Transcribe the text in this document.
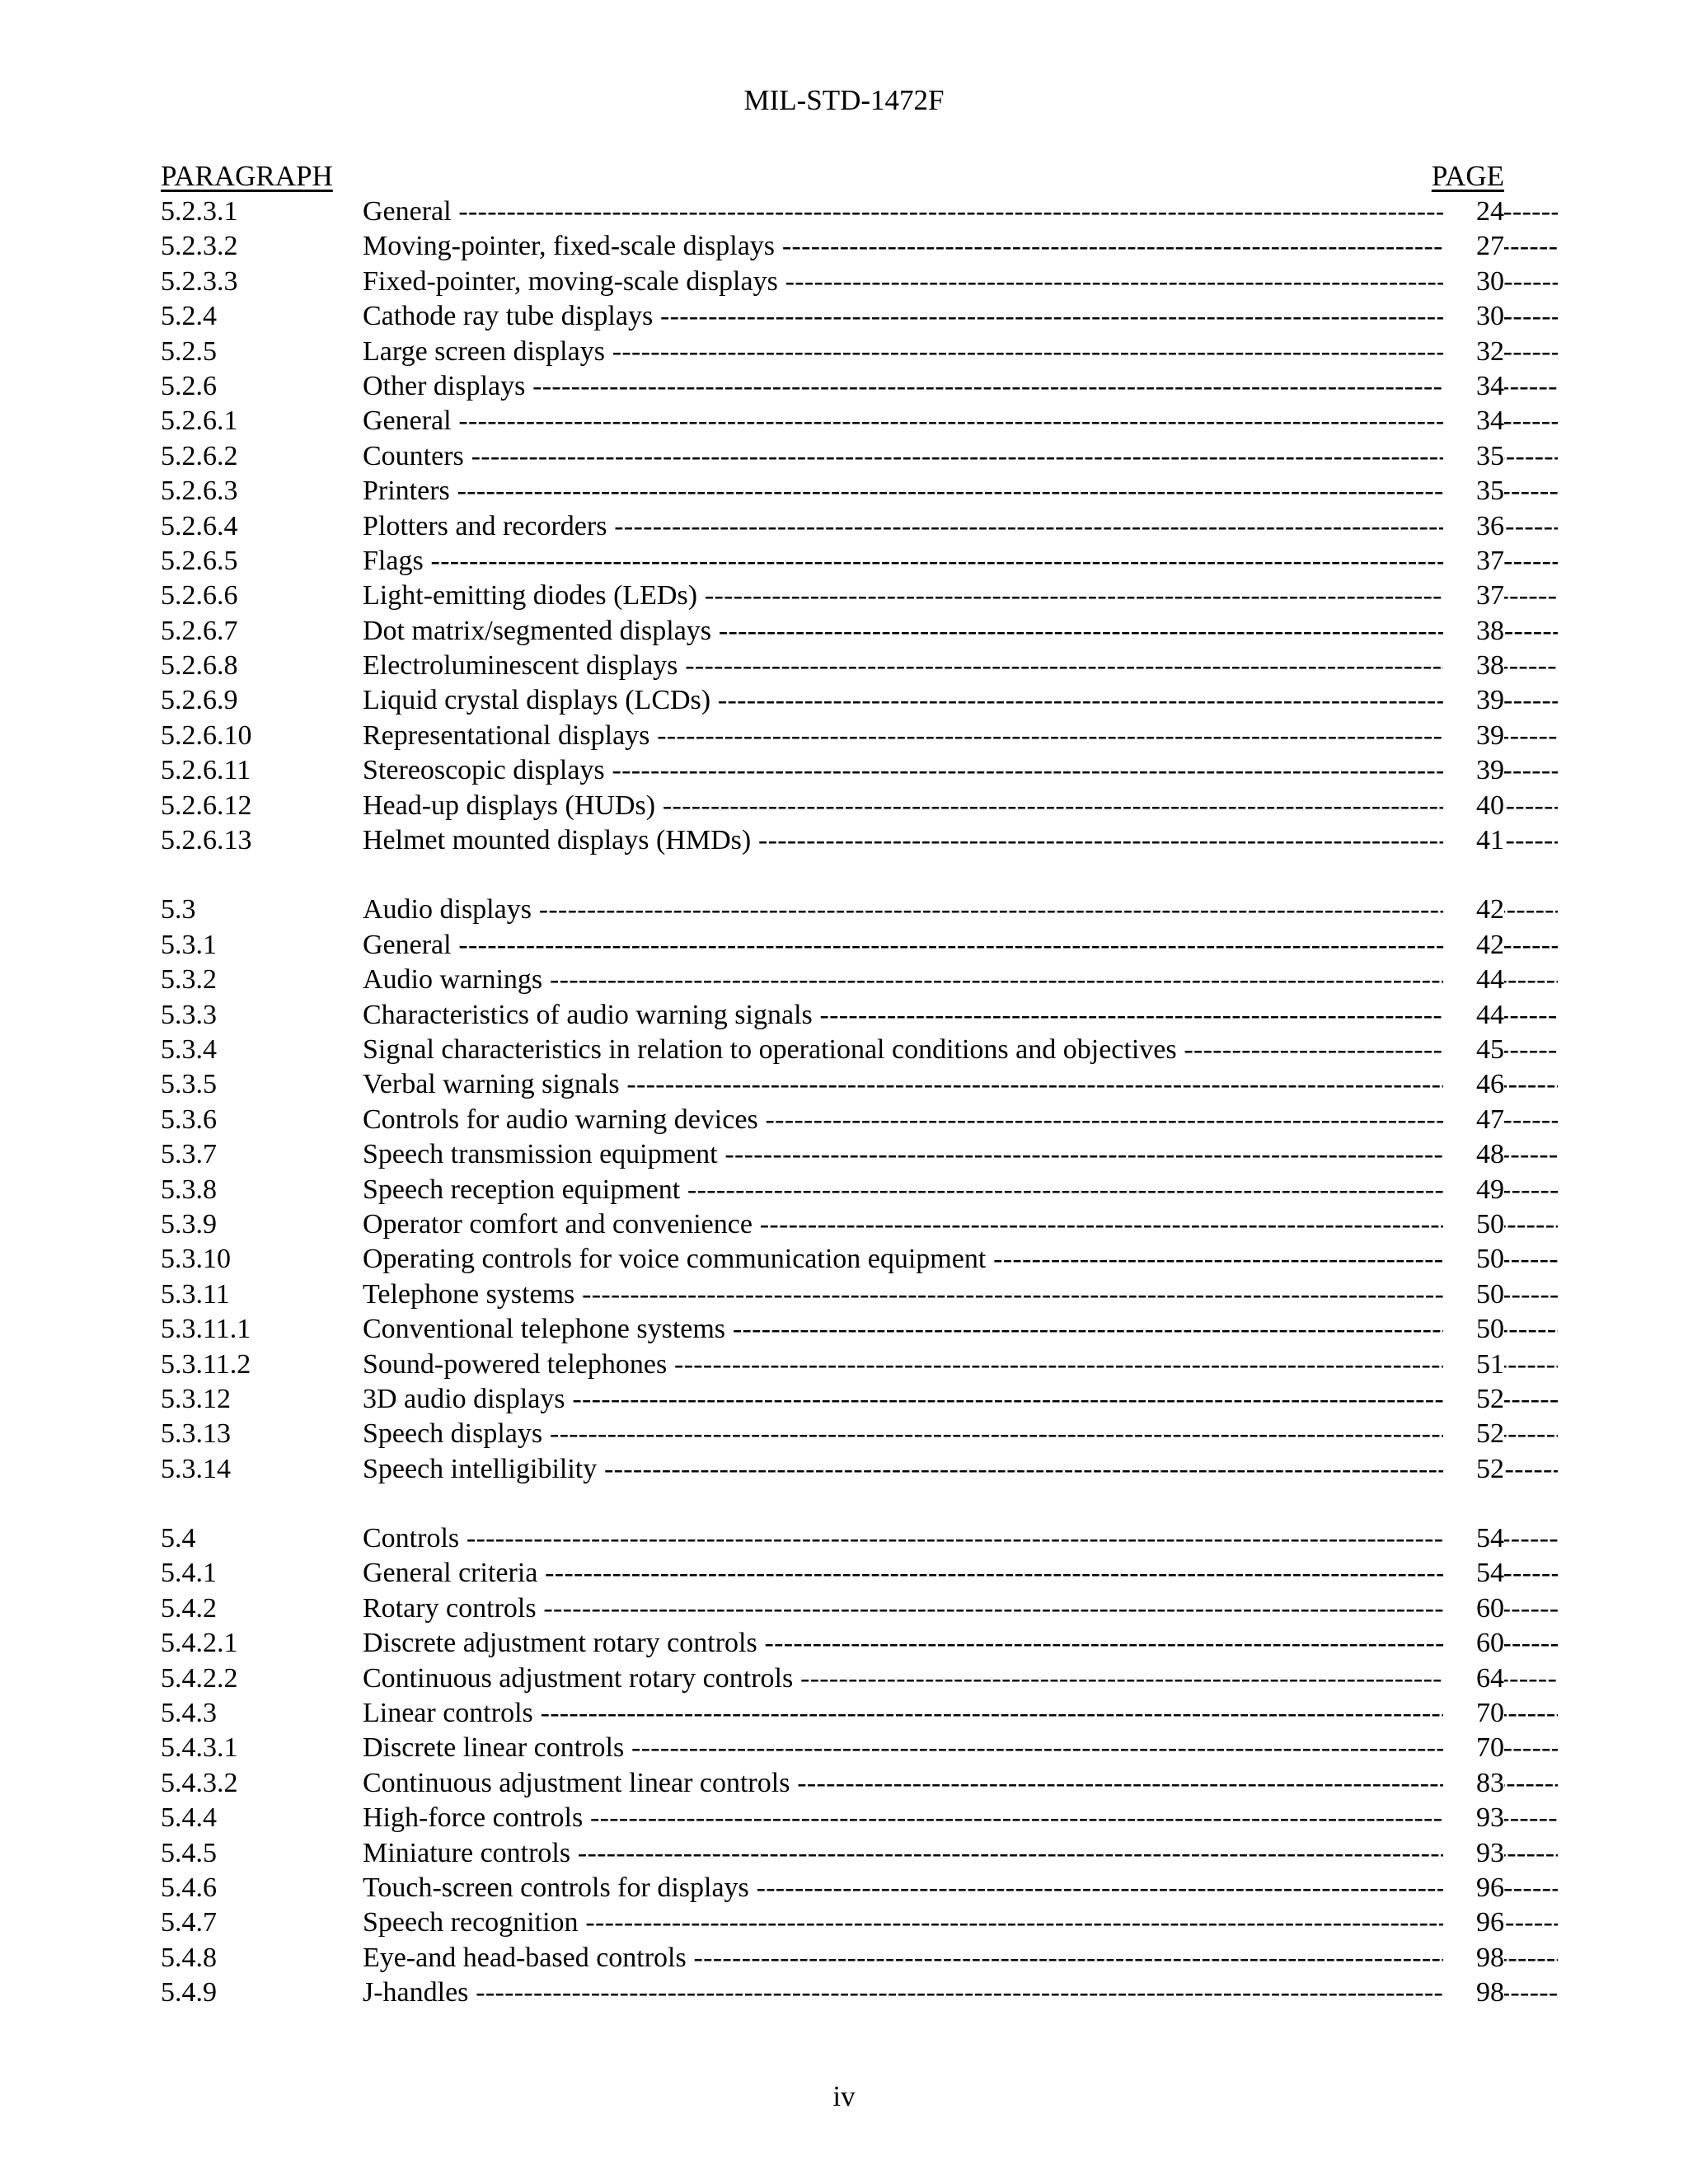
MIL-STD-1472F
PARAGRAPH	PAGE
5.2.3.1	General -----	24
5.2.3.2	Moving-pointer, fixed-scale displays -----	27
5.2.3.3	Fixed-pointer, moving-scale displays -----	30
5.2.4	Cathode ray tube displays -----	30
5.2.5	Large screen displays -----	32
5.2.6	Other displays -----	34
5.2.6.1	General -----	34
5.2.6.2	Counters -----	35
5.2.6.3	Printers -----	35
5.2.6.4	Plotters and recorders -----	36
5.2.6.5	Flags -----	37
5.2.6.6	Light-emitting diodes (LEDs) -----	37
5.2.6.7	Dot matrix/segmented displays -----	38
5.2.6.8	Electroluminescent displays -----	38
5.2.6.9	Liquid crystal displays (LCDs) -----	39
5.2.6.10	Representational displays -----	39
5.2.6.11	Stereoscopic displays -----	39
5.2.6.12	Head-up displays (HUDs) -----	40
5.2.6.13	Helmet mounted displays (HMDs) -----	41
5.3	Audio displays -----	42
5.3.1	General -----	42
5.3.2	Audio warnings -----	44
5.3.3	Characteristics of audio warning signals -----	44
5.3.4	Signal characteristics in relation to operational conditions and objectives -----	45
5.3.5	Verbal warning signals -----	46
5.3.6	Controls for audio warning devices -----	47
5.3.7	Speech transmission equipment -----	48
5.3.8	Speech reception equipment -----	49
5.3.9	Operator comfort and convenience -----	50
5.3.10	Operating controls for voice communication equipment -----	50
5.3.11	Telephone systems -----	50
5.3.11.1	Conventional telephone systems -----	50
5.3.11.2	Sound-powered telephones -----	51
5.3.12	3D audio displays -----	52
5.3.13	Speech displays -----	52
5.3.14	Speech intelligibility -----	52
5.4	Controls -----	54
5.4.1	General criteria -----	54
5.4.2	Rotary controls -----	60
5.4.2.1	Discrete adjustment rotary controls -----	60
5.4.2.2	Continuous adjustment rotary controls -----	64
5.4.3	Linear controls -----	70
5.4.3.1	Discrete linear controls -----	70
5.4.3.2	Continuous adjustment linear controls -----	83
5.4.4	High-force controls -----	93
5.4.5	Miniature controls -----	93
5.4.6	Touch-screen controls for displays -----	96
5.4.7	Speech recognition -----	96
5.4.8	Eye-and head-based controls -----	98
5.4.9	J-handles -----	98
iv
